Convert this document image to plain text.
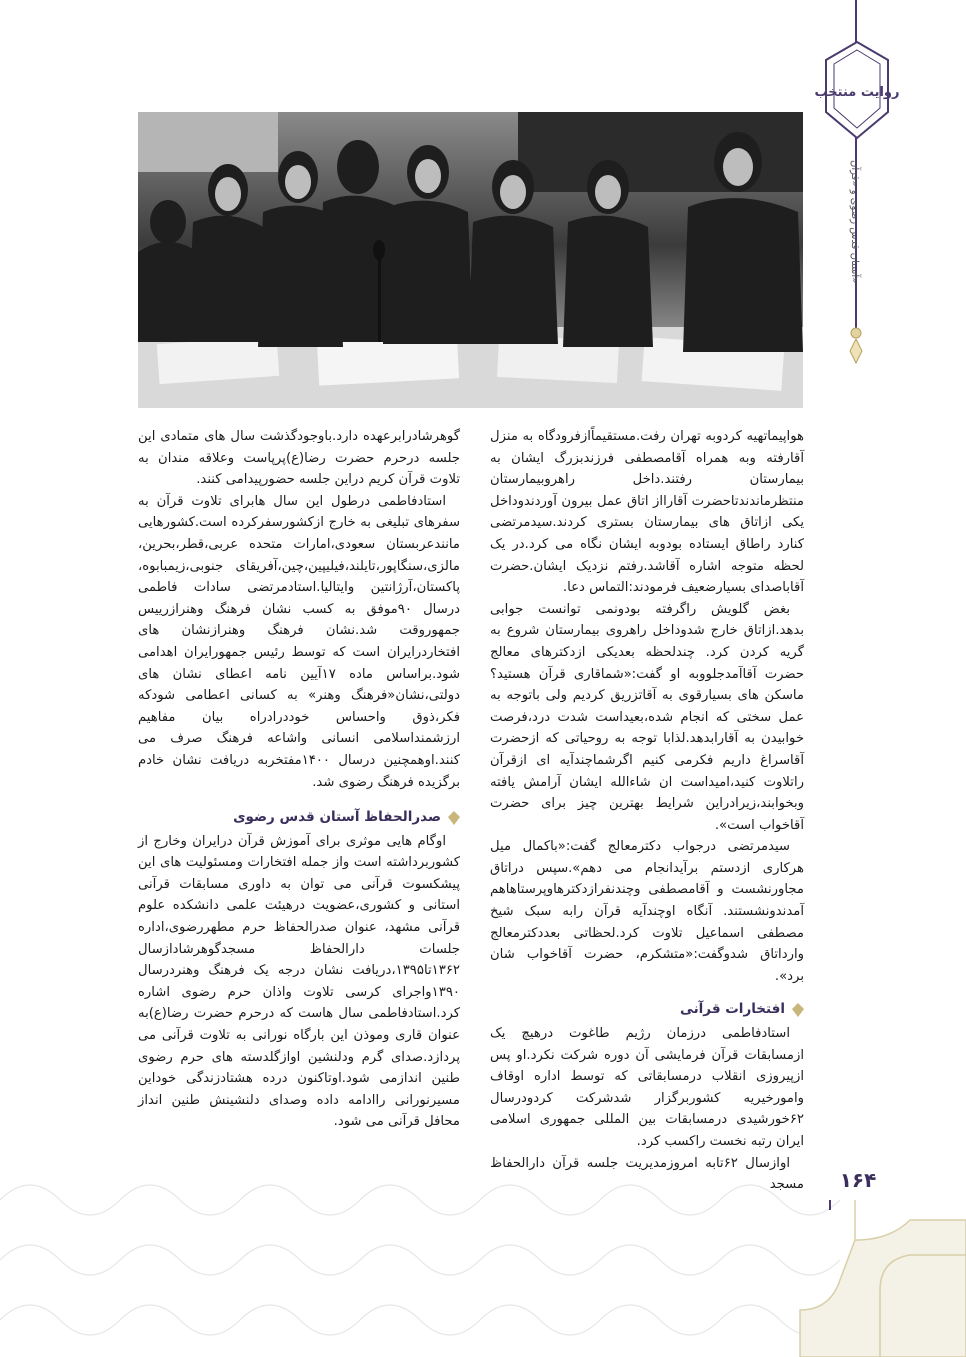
روایت منتخب
آستان قدس رضوی و «قرآن»
۱۶۴

هواپیماتهیه کردوبه تهران رفت.مستقیماًازفرودگاه به منزل آقارفته وبه همراه آقامصطفی فرزندبزرگ ایشان به بیمارستان رفتند.داخل راهروبیمارستان منتظرماندندتاحضرت آقارااز اتاق عمل بیرون آوردندوداخل یکی ازاتاق های بیمارستان بستری کردند.سیدمرتضی کنارد راطاق ایستاده بودوبه ایشان نگاه می کرد.در یک لحظه متوجه اشاره آقاشد.رفتم نزدیک ایشان.حضرت آقاباصدای بسیارضعیف فرمودند:التماس دعا.

بغض گلویش راگرفته بودونمی توانست جوابی بدهد.ازاتاق خارج شدوداخل راهروی بیمارستان شروع به گریه کردن کرد. چندلحظه بعدیکی ازدکترهای معالج حضرت آقاآمدجلووبه او گفت:«شماقاری قرآن هستید؟ماسکن های بسیارقوی به آقاتزریق کردیم ولی باتوجه به عمل سختی که انجام شده،بعیداست شدت درد،فرصت خوابیدن به آقارابدهد.لذابا توجه به روحیاتی که ازحضرت آقاسراغ داریم فکرمی کنیم اگرشماچندآیه ای ازقرآن راتلاوت کنید،امیداست ان شاءالله ایشان آرامش یافته وبخوابند،زیرادراین شرایط بهترین چیز برای حضرت آقاخواب است».

سیدمرتضی درجواب دکترمعالج گفت:«باکمال میل هرکاری ازدستم برآیدانجام می دهم».سپس دراتاق مجاورنشست و آقامصطفی وچندنفرازدکترهاوپرستاهاهم آمدندونشستند. آنگاه اوچندآیه قرآن رابه سبک شیخ مصطفی اسماعیل تلاوت کرد.لحظاتی بعددکترمعالج وارداتاق شدوگفت:«متشکرم، حضرت آقاخواب شان برد».

افتخارات قرآنی

استادفاطمی درزمان رژیم طاغوت درهیچ یک ازمسابقات قرآن فرمایشی آن دوره شرکت نکرد.او پس ازپیروزی انقلاب درمسابقاتی که توسط اداره اوقاف وامورخیریه کشوربرگزار شدشرکت کردودرسال ۶۲خورشیدی درمسابقات بین المللی جمهوری اسلامی ایران رتبه نخست راکسب کرد.

اوازسال ۶۲تابه امروزمدیریت جلسه قرآن دارالحفاظ مسجد

گوهرشادرابرعهده دارد.باوجودگذشت سال های متمادی این جلسه درحرم حضرت رضا(ع)پرپاست وعلاقه مندان به تلاوت قرآن کریم دراین جلسه حضورپیدامی کنند.

استادفاطمی درطول این سال هابرای تلاوت قرآن به سفرهای تبلیغی به خارج ازکشورسفرکرده است.کشورهایی مانندعربستان سعودی،امارات متحده عربی،قطر،بحرین، مالزی،سنگاپور،تایلند،فیلیپین،چین،آفریقای جنوبی،زیمبابوه، پاکستان،آرژانتین وایتالیا.استادمرتضی سادات فاطمی درسال ۹۰موفق به کسب نشان فرهنگ وهنرازرییس جمهوروقت شد.نشان فرهنگ وهنرازنشان های افتخاردرایران است که توسط رئیس جمهورایران اهدامی شود.براساس ماده ۱۷آیین نامه اعطای نشان های دولتی،نشان«فرهنگ وهنر» به کسانی اعطامی شودکه فکر،ذوق واحساس خوددرادراه بیان مفاهیم ارزشمنداسلامی انسانی واشاعه فرهنگ صرف می کنند.اوهمچنین درسال ۱۴۰۰مفتخربه دریافت نشان خادم برگزیده فرهنگ رضوی شد.

صدرالحفاظ آستان قدس رضوی

اوگام هایی موثری برای آموزش قرآن درایران وخارج از کشوربرداشته است واز جمله افتخارات ومسئولیت های این پیشکسوت قرآنی می توان به داوری مسابقات قرآنی استانی و کشوری،عضویت درهیئت علمی دانشکده علوم قرآنی مشهد، عنوان صدرالحفاظ حرم مطهررضوی،اداره جلسات دارالحفاظ مسجدگوهرشادازسال ۱۳۶۲تا۱۳۹۵،دریافت نشان درجه یک فرهنگ وهنردرسال ۱۳۹۰واجرای کرسی تلاوت واذان حرم رضوی اشاره کرد.استادفاطمی سال هاست که درحرم حضرت رضا(ع)به عنوان قاری وموذن این بارگاه نورانی به تلاوت قرآنی می پردازد.صدای گرم ودلنشین اوازگلدسته های حرم رضوی طنین اندازمی شود.اوتاکنون درده هشتادزندگی خوداین مسیرنورانی راادامه داده وصدای دلنشینش طنین انداز محافل قرآنی می شود.
